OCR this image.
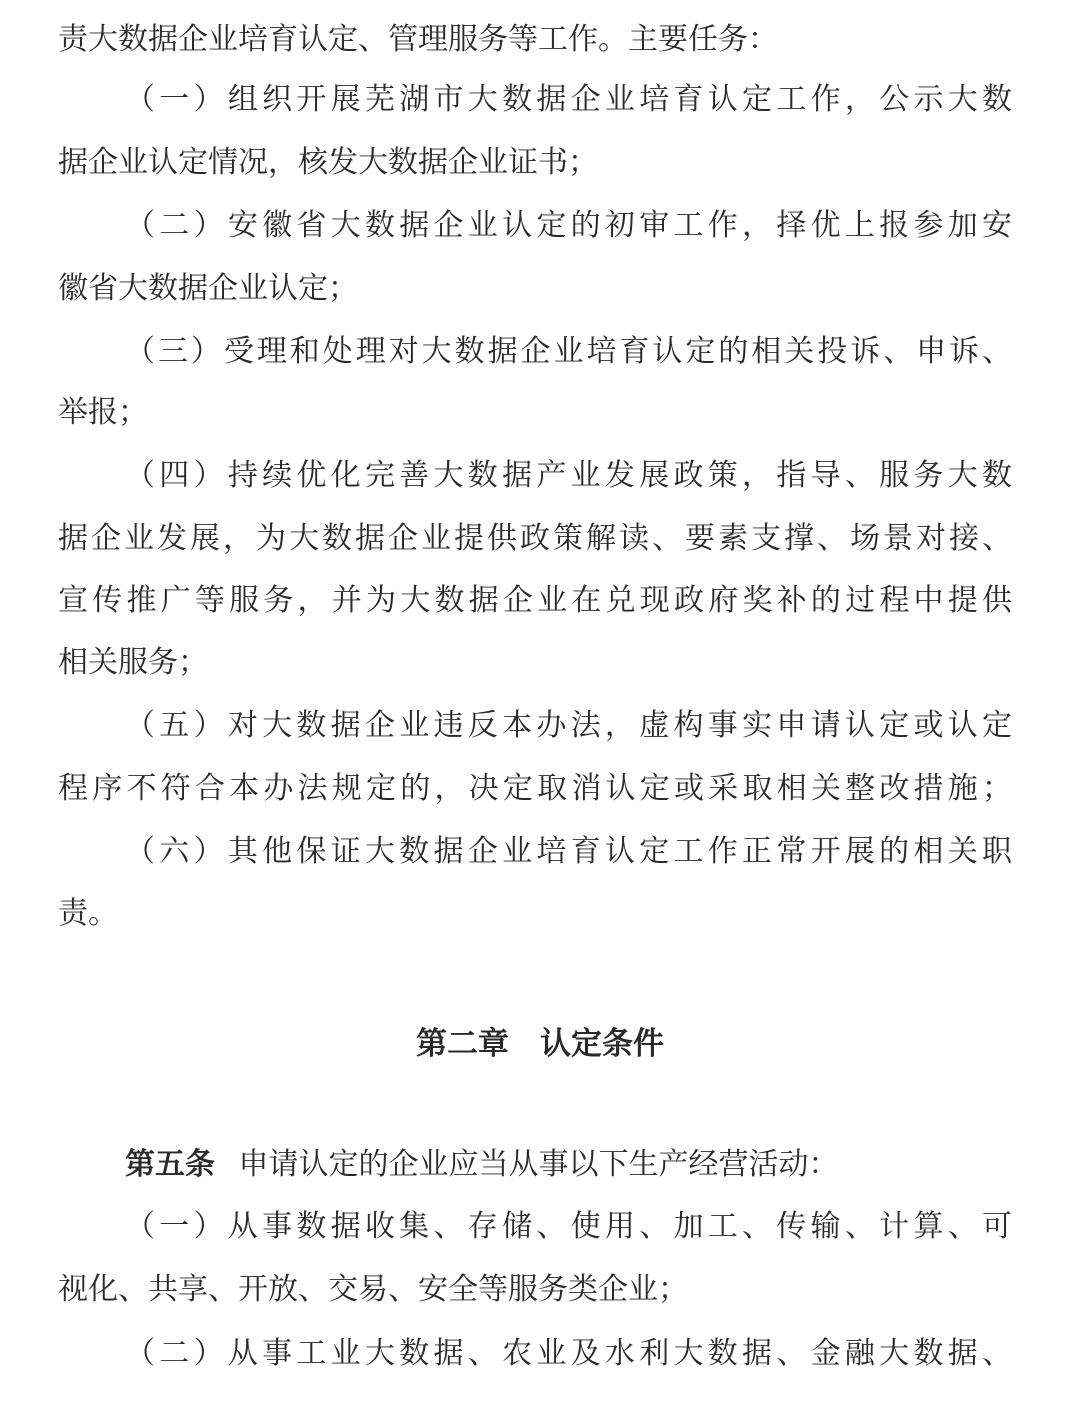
责大数据企业培育认定、管理服务等工作。主要任务：
（一）组织开展芜湖市大数据企业培育认定工作，公示大数
据企业认定情况，核发大数据企业证书；
（二）安徽省大数据企业认定的初审工作，择优上报参加安
徽省大数据企业认定；
（三）受理和处理对大数据企业培育认定的相关投诉、申诉、
举报；
（四）持续优化完善大数据产业发展政策，指导、服务大数
据企业发展，为大数据企业提供政策解读、要素支撑、场景对接、
宣传推广等服务，并为大数据企业在兑现政府奖补的过程中提供
相关服务；
（五）对大数据企业违反本办法，虚构事实申请认定或认定
程序不符合本办法规定的，决定取消认定或采取相关整改措施；
（六）其他保证大数据企业培育认定工作正常开展的相关职
责。
第二章　认定条件
第五条 申请认定的企业应当从事以下生产经营活动：
（一）从事数据收集、存储、使用、加工、传输、计算、可
视化、共享、开放、交易、安全等服务类企业；
（二）从事工业大数据、农业及水利大数据、金融大数据、
